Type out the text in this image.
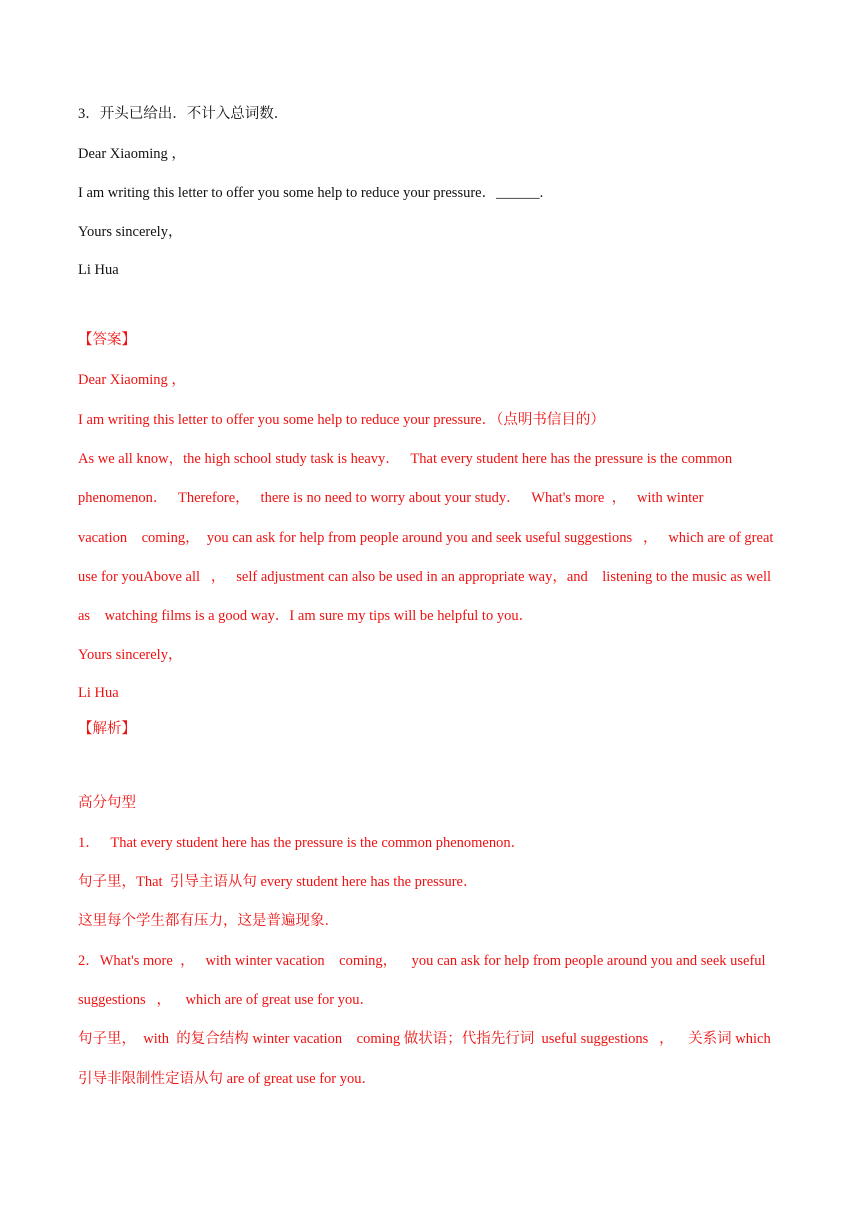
3．开头已给出．不计入总词数．
Dear Xiaoming ，
I am writing this letter to offer you some help to reduce your pressure．______.
Yours sincerely，
Li Hua
【答案】
Dear Xiaoming ，
I am writing this letter to offer you some help to reduce your pressure．（点明书信目的）
As we all know，the high school study task is heavy．   That every student here has the pressure is the common
phenomenon．   Therefore，   there is no need to worry about your study．   What's more  ，   with winter
vacation    coming，  you can ask for help from people around you and seek useful suggestions   ，   which are of great
use for youAbove all   ，   self adjustment can also be used in an appropriate way，and    listening to the music as well
as    watching films is a good way．I am sure my tips will be helpful to you．
Yours sincerely，
Li Hua
【解析】
高分句型
1．   That every student here has the pressure is the common phenomenon．
句子里，That  引导主语从句 every student here has the pressure．
这里每个学生都有压力，这是普遍现象．
2．What's more  ，   with winter vacation    coming，    you can ask for help from people around you and seek useful
suggestions   ，    which are of great use for you．
句子里，  with  的复合结构 winter vacation    coming 做状语；代指先行词  useful suggestions   ，    关系词 which
引导非限制性定语从句 are of great use for you．
